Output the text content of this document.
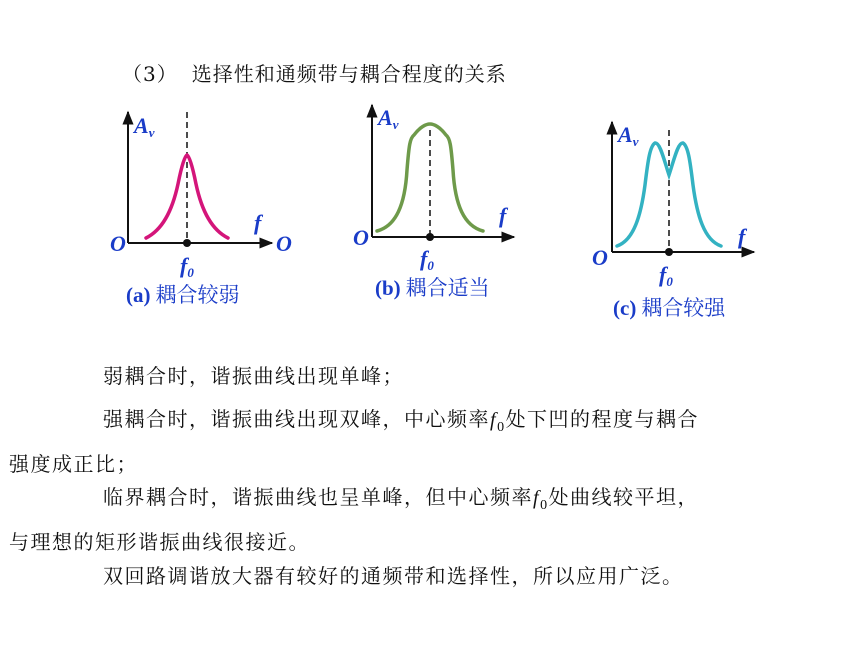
（3） 选择性和通频带与耦合程度的关系
Av
f
O	O
f0
(a) 耦合较弱
Av
f
O
f0
(b) 耦合适当
Av
f
O
f0
(c) 耦合较强

弱耦合时，谐振曲线出现单峰；

强耦合时，谐振曲线出现双峰，中心频率$f_0$处下凹的程度与耦合
强度成正比；

临界耦合时，谐振曲线也呈单峰，但中心频率$f_0$处曲线较平坦，
与理想的矩形谐振曲线很接近。

双回路调谐放大器有较好的通频带和选择性，所以应用广泛。
